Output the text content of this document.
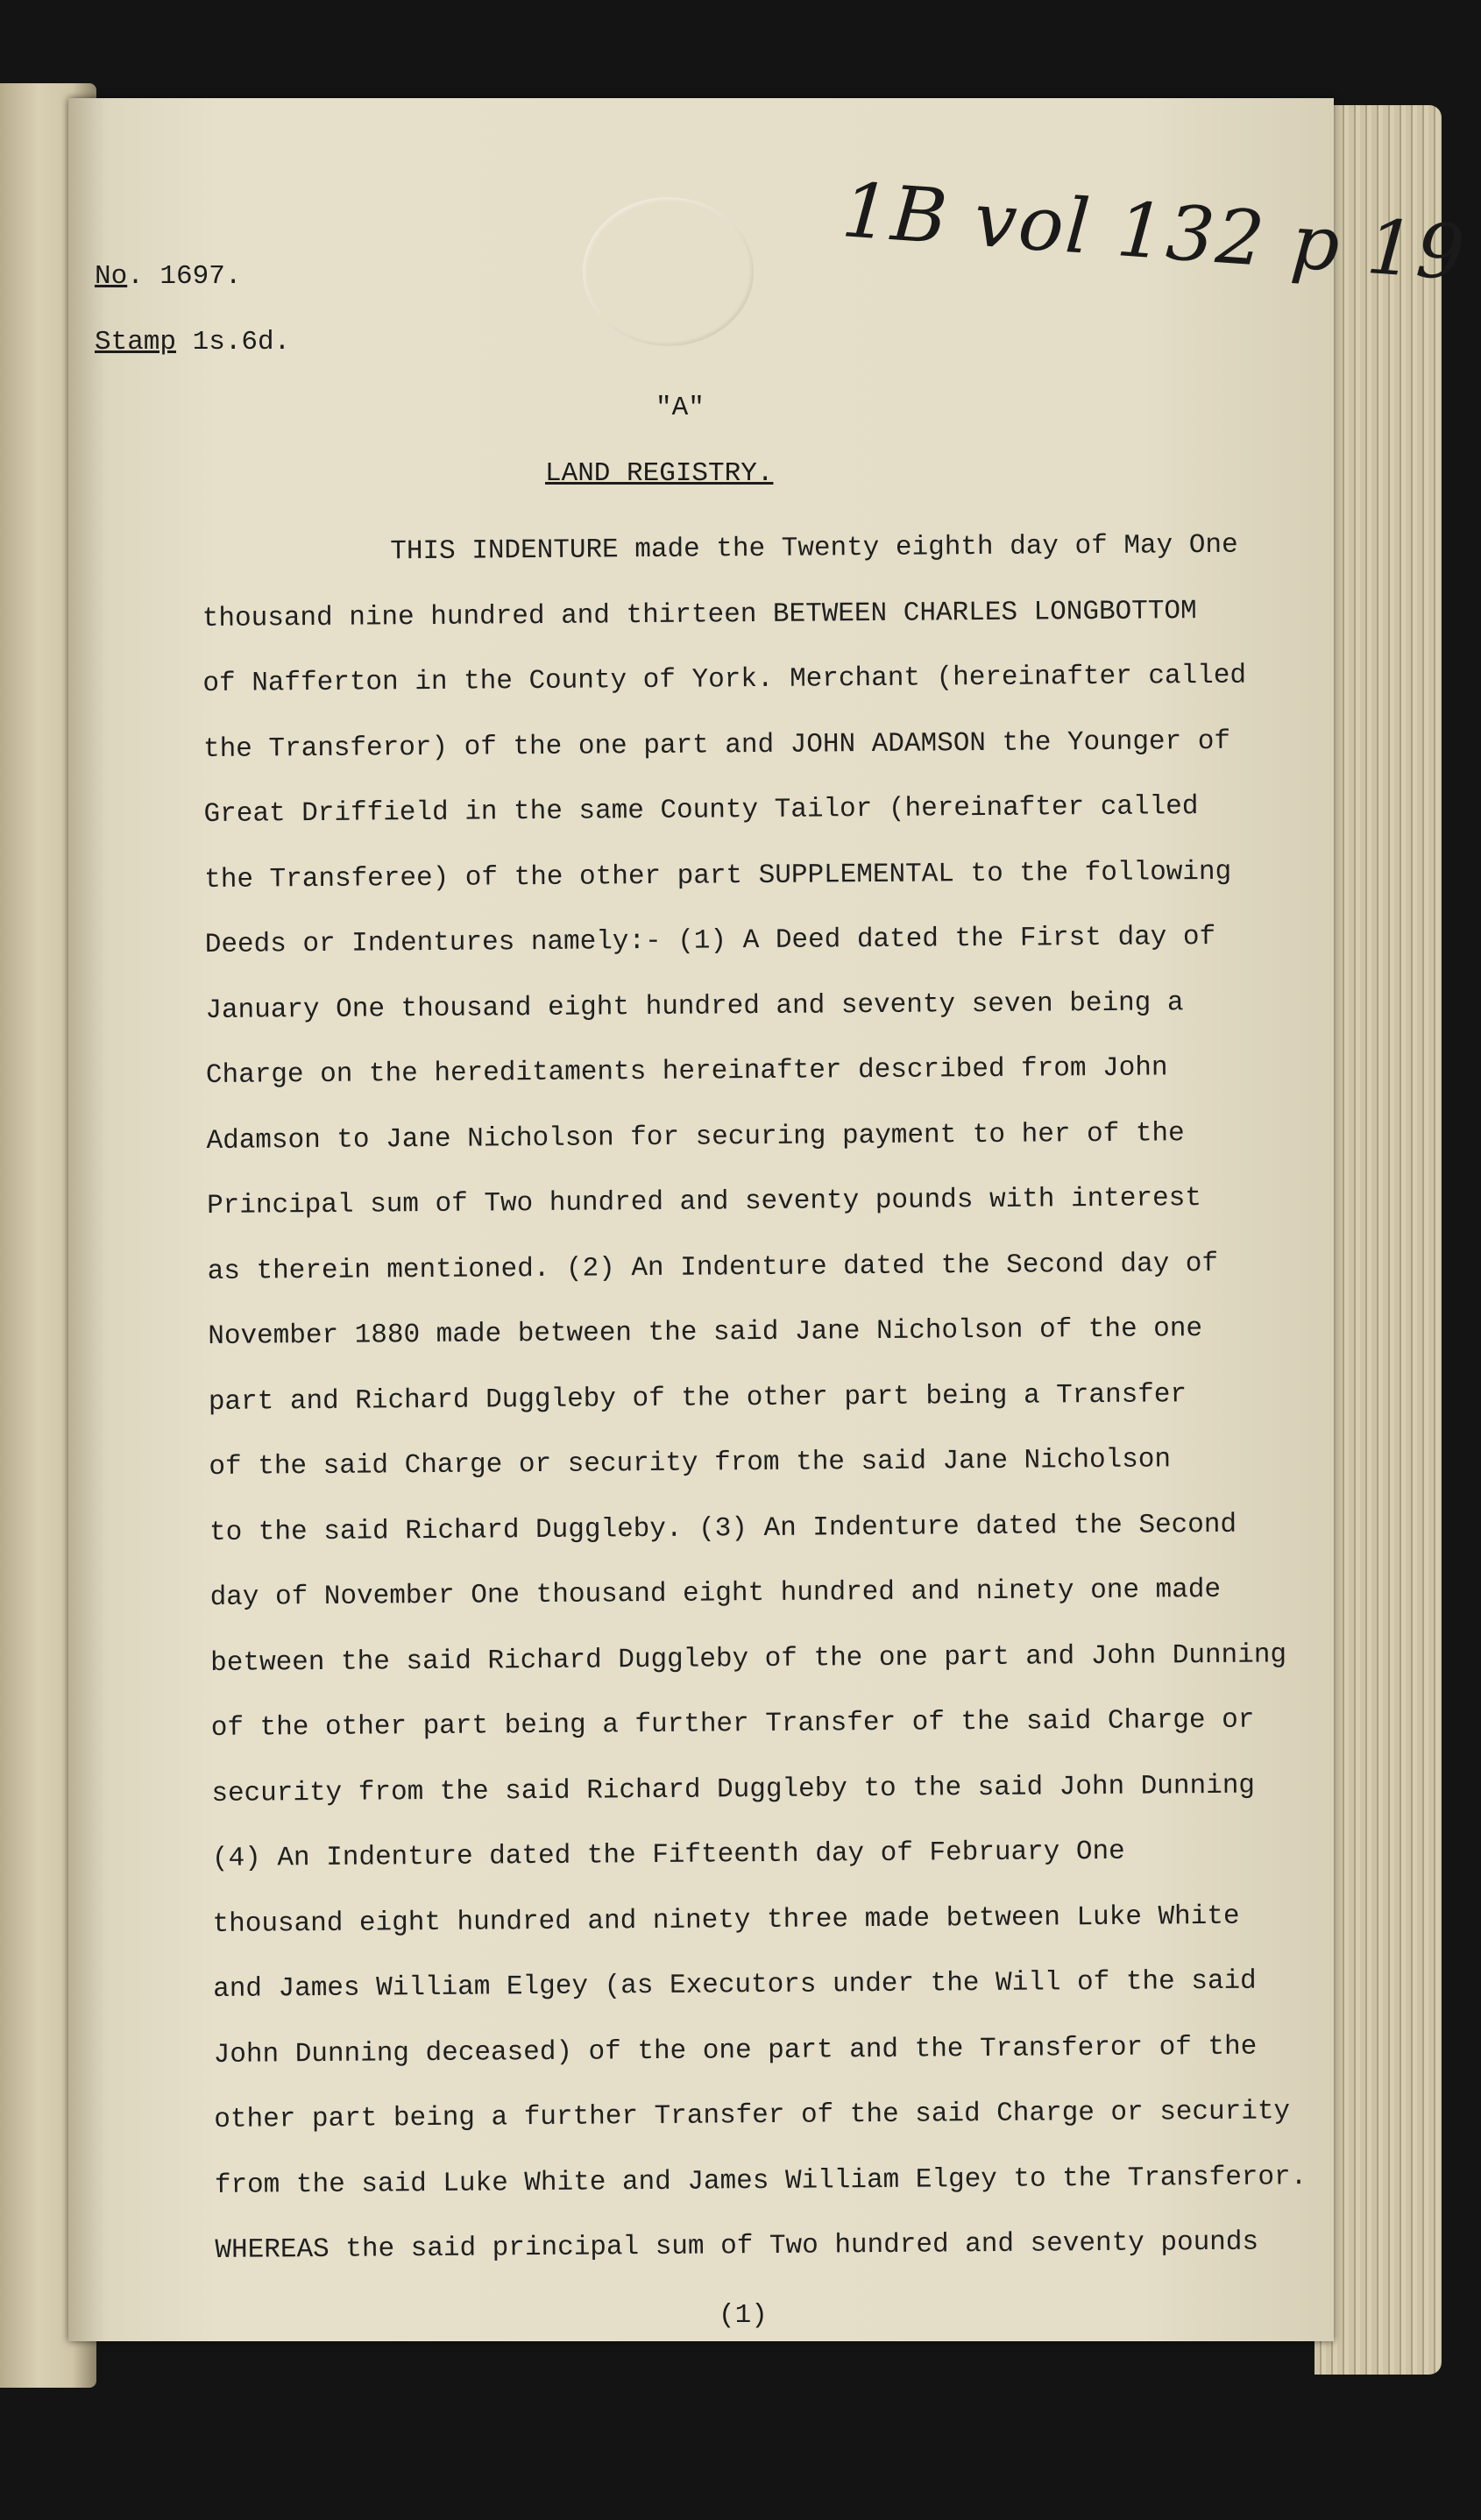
1B vol 132 p 19
No. 1697.
Stamp 1s.6d.
"A"
LAND REGISTRY.
THIS INDENTURE made the Twenty eighth day of May One
thousand nine hundred and thirteen BETWEEN CHARLES LONGBOTTOM
of Nafferton in the County of York. Merchant (hereinafter called
the Transferor) of the one part and JOHN ADAMSON the Younger of
Great Driffield in the same County Tailor (hereinafter called
the Transferee) of the other part SUPPLEMENTAL to the following
Deeds or Indentures namely:- (1) A Deed dated the First day of
January One thousand eight hundred and seventy seven being a
Charge on the hereditaments hereinafter described from John
Adamson to Jane Nicholson for securing payment to her of the
Principal sum of Two hundred and seventy pounds with interest
as therein mentioned. (2) An Indenture dated the Second day of
November 1880 made between the said Jane Nicholson of the one
part and Richard Duggleby of the other part being a Transfer
of the said Charge or security from the said Jane Nicholson
to the said Richard Duggleby. (3) An Indenture dated the Second
day of November One thousand eight hundred and ninety one made
between the said Richard Duggleby of the one part and John Dunning
of the other part being a further Transfer of the said Charge or
security from the said Richard Duggleby to the said John Dunning
(4) An Indenture dated the Fifteenth day of February One
thousand eight hundred and ninety three made between Luke White
and James William Elgey (as Executors under the Will of the said
John Dunning deceased) of the one part and the Transferor of the
other part being a further Transfer of the said Charge or security
from the said Luke White and James William Elgey to the Transferor.
WHEREAS the said principal sum of Two hundred and seventy pounds
(1)
